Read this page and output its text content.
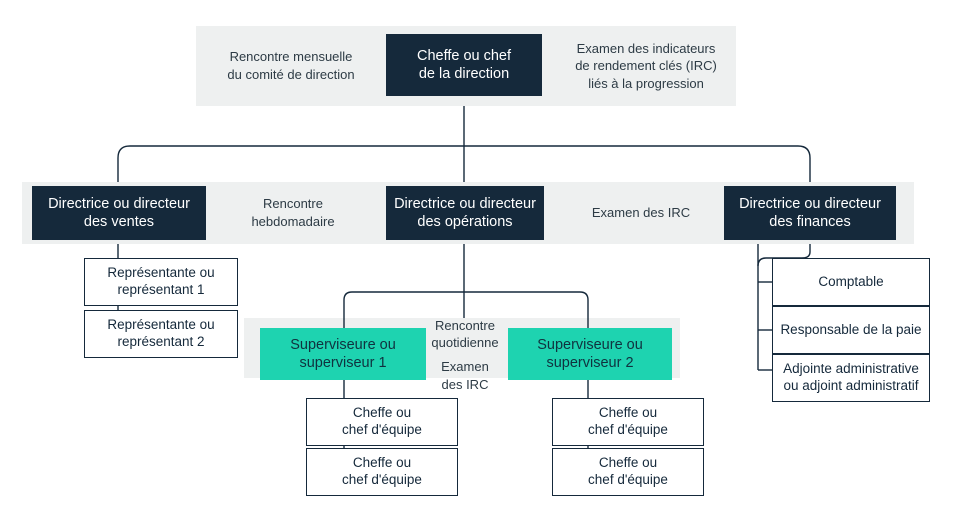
Rencontre mensuelle
du comité de direction
Examen des indicateurs
de rendement clés (IRC)
liés à la progression
Rencontre
hebdomadaire
Examen des IRC
Rencontre
quotidienne
Examen
des IRC
Cheffe ou chef
de la direction
Directrice ou directeur
des ventes
Directrice ou directeur
des opérations
Directrice ou directeur
des finances
Représentante ou
représentant 1
Représentante ou
représentant 2	Superviseure ou
superviseur 1
Superviseure ou
superviseur 2
Cheffe ou
chef d'équipe
Cheffe ou
chef d'équipe
Cheffe ou
chef d'équipe
Cheffe ou
chef d'équipe
Comptable
Responsable de la paie
Adjointe administrative
ou adjoint administratif
